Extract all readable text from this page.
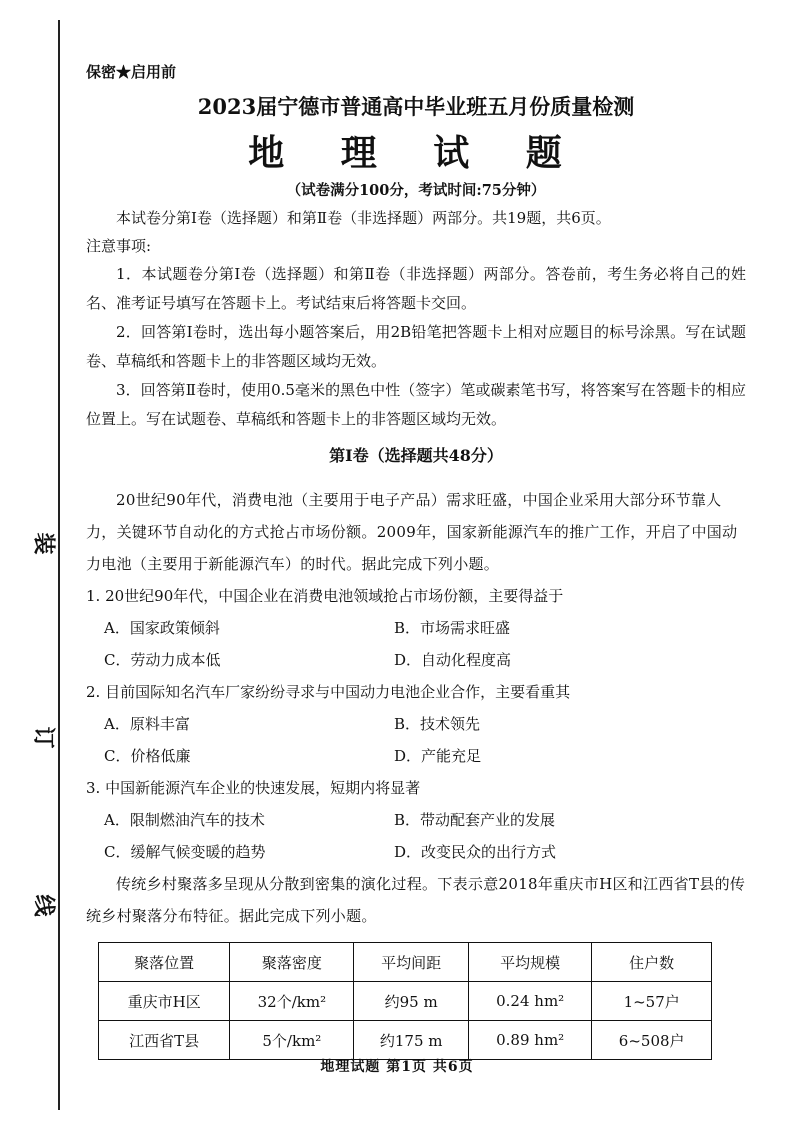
装
订
线
保密★启用前
2023届宁德市普通高中毕业班五月份质量检测
地 理 试 题
（试卷满分100分，考试时间:75分钟）

本试卷分第Ⅰ卷（选择题）和第Ⅱ卷（非选择题）两部分。共19题，共6页。

注意事项:

1．本试题卷分第Ⅰ卷（选择题）和第Ⅱ卷（非选择题）两部分。答卷前，考生务必将自己的姓名、准考证号填写在答题卡上。考试结束后将答题卡交回。

2．回答第Ⅰ卷时，选出每小题答案后，用2B铅笔把答题卡上相对应题目的标号涂黑。写在试题卷、草稿纸和答题卡上的非答题区域均无效。

3．回答第Ⅱ卷时，使用0.5毫米的黑色中性（签字）笔或碳素笔书写，将答案写在答题卡的相应位置上。写在试题卷、草稿纸和答题卡上的非答题区域均无效。

第Ⅰ卷（选择题共48分）

20世纪90年代，消费电池（主要用于电子产品）需求旺盛，中国企业采用大部分环节靠人力，关键环节自动化的方式抢占市场份额。2009年，国家新能源汽车的推广工作，开启了中国动力电池（主要用于新能源汽车）的时代。据此完成下列小题。

1. 20世纪90年代，中国企业在消费电池领域抢占市场份额，主要得益于

A．国家政策倾斜	B．市场需求旺盛
C．劳动力成本低	D．自动化程度高

2. 目前国际知名汽车厂家纷纷寻求与中国动力电池企业合作，主要看重其

A．原料丰富	B．技术领先
C．价格低廉	D．产能充足

3. 中国新能源汽车企业的快速发展，短期内将显著

A．限制燃油汽车的技术	B．带动配套产业的发展
C．缓解气候变暖的趋势	D．改变民众的出行方式

传统乡村聚落多呈现从分散到密集的演化过程。下表示意2018年重庆市H区和江西省T县的传统乡村聚落分布特征。据此完成下列小题。

聚落位置	聚落密度	平均间距	平均规模	住户数
重庆市H区	32个/km²	约95 m	0.24 hm²	1~57户
江西省T县	5个/km²	约175 m	0.89 hm²	6~508户
地理试题 第1页 共6页
